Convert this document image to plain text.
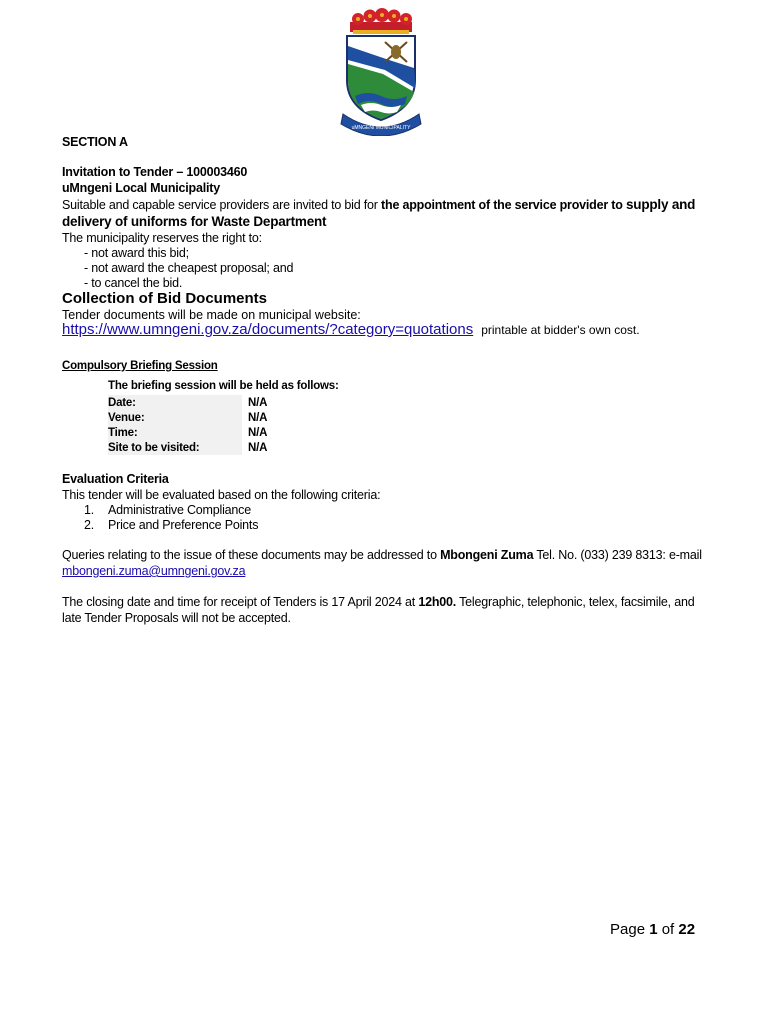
uMNGENI MUNICIPALITY
SECTION A
Invitation to Tender – 100003460
uMngeni Local Municipality
Suitable and capable service providers are invited to bid for the appointment of the service provider to supply and
delivery of uniforms for Waste Department
The municipality reserves the right to:
- not award this bid;
- not award the cheapest proposal; and
- to cancel the bid.
Collection of Bid Documents
Tender documents will be made on municipal website:
https://www.umngeni.gov.za/documents/?category=quotations printable at bidder's own cost.
Compulsory Briefing Session
The briefing session will be held as follows:
Date:		N/A
Venue:		N/A
Time:		N/A
Site to be visited:		N/A
Evaluation Criteria
This tender will be evaluated based on the following criteria:
1. Administrative Compliance
2. Price and Preference Points
Queries relating to the issue of these documents may be addressed to Mbongeni Zuma Tel. No. (033) 239 8313: e-mail
mbongeni.zuma@umngeni.gov.za
The closing date and time for receipt of Tenders is 17 April 2024 at 12h00. Telegraphic, telephonic, telex, facsimile, and
late Tender Proposals will not be accepted.
Page 1 of 22
